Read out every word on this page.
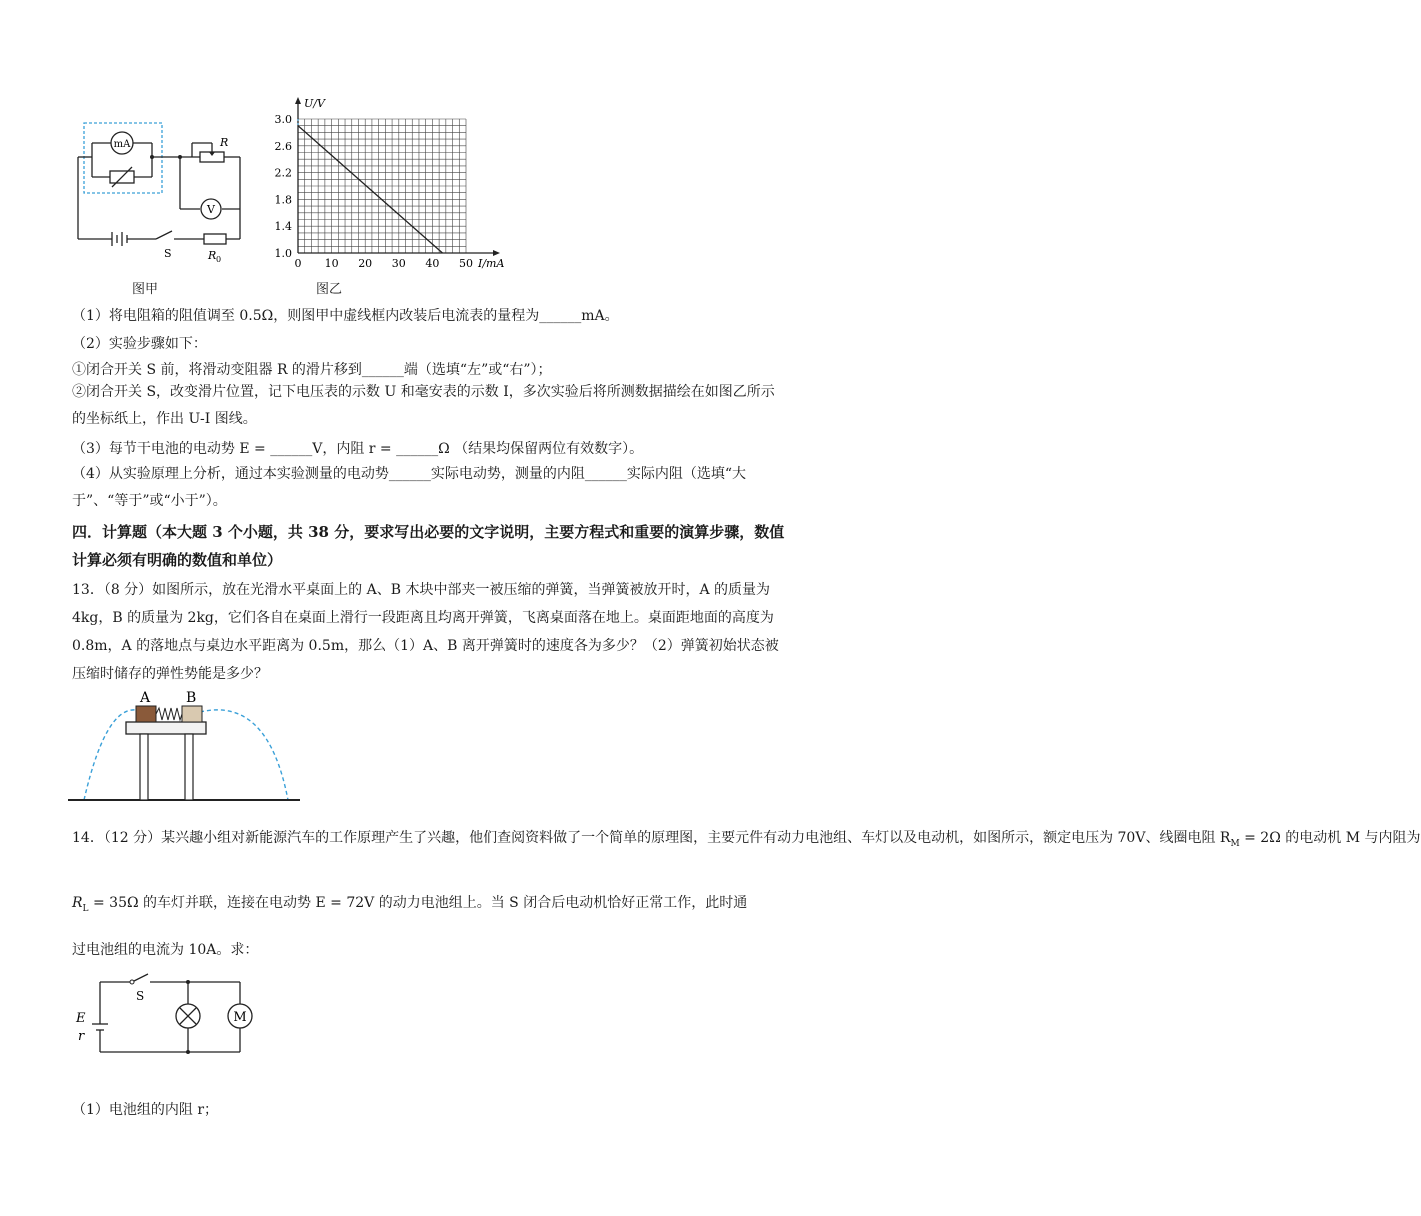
mA	R
V
S	R 0
图甲
0 10 20 30 40 50
3.0
2.6
2.2
1.8
1.4
1.0
I/mA
U/V
图乙
（1）将电阻箱的阻值调至 0.5Ω，则图甲中虚线框内改装后电流表的量程为______mA。
（2）实验步骤如下：
①闭合开关 S 前，将滑动变阻器 R 的滑片移到______端（选填“左”或“右”）；
②闭合开关 S，改变滑片位置，记下电压表的示数 U 和毫安表的示数 I，多次实验后将所测数据描绘在如图乙所示的坐标纸上，作出 U-I 图线。
（3）每节干电池的电动势 E = ______V，内阻 r = ______Ω （结果均保留两位有效数字）。
（4）从实验原理上分析，通过本实验测量的电动势______实际电动势，测量的内阻______实际内阻（选填“大于”、“等于”或“小于”）。
四．计算题（本大题 3 个小题，共 38 分，要求写出必要的文字说明，主要方程式和重要的演算步骤，数值计算必须有明确的数值和单位）
13．（8 分）如图所示，放在光滑水平桌面上的 A、B 木块中部夹一被压缩的弹簧，当弹簧被放开时，A 的质量为4kg，B 的质量为 2kg，它们各自在桌面上滑行一段距离且均离开弹簧，飞离桌面落在地上。桌面距地面的高度为 0.8m，A 的落地点与桌边水平距离为 0.5m，那么（1）A、B 离开弹簧时的速度各为多少？（2）弹簧初始状态被压缩时储存的弹性势能是多少？
A	B
14．（12 分）某兴趣小组对新能源汽车的工作原理产生了兴趣，他们查阅资料做了一个简单的原理图，主要元件有动力电池组、车灯以及电动机，如图所示，额定电压为 70V、线圈电阻 $R_M = 2\Omega$ 的电动机 M 与内阻为
$R_L = 35\Omega$ 的车灯并联，连接在电动势 E = 72V 的动力电池组上。当 S 闭合后电动机恰好正常工作，此时通
过电池组的电流为 10A。求：
S
E
r
M
（1）电池组的内阻 r；
